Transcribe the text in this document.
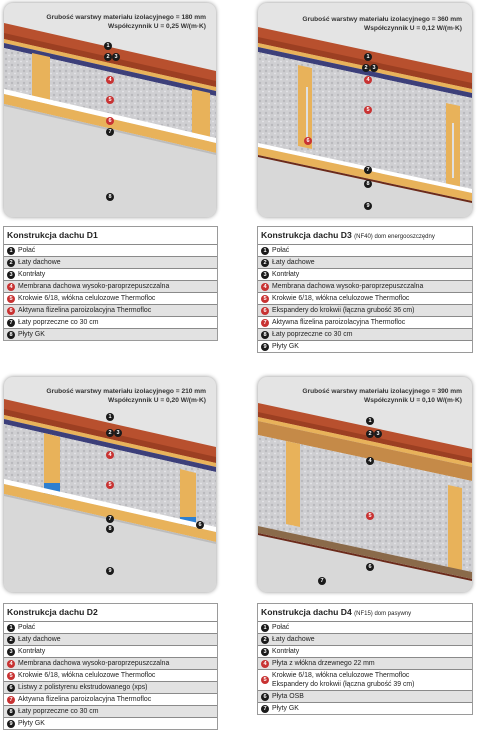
Grubość warstwy materiału izolacyjnego = 180 mm
Współczynnik U = 0,25 W/(m·K)
1
2 3
4
5
6
7
8
Konstrukcja dachu D1
1 Połać
2 Łaty dachowe
3 Kontrłaty
4 Membrana dachowa wysoko-paroprzepuszczalna
5 Krokwie 6/18, włókna celulozowe Thermofloc
6 Aktywna flizelina paroizolacyjna Thermofloc
7 Łaty poprzeczne co 30 cm
8 Płyty GK
Grubość warstwy materiału izolacyjnego = 360 mm
Współczynnik U = 0,12 W/(m·K)
1
2 3
4
5
6
7
8
9
Konstrukcja dachu D3 (NF40) dom energooszczędny
1 Połać
2 Łaty dachowe
3 Kontrłaty
4 Membrana dachowa wysoko-paroprzepuszczalna
5 Krokwie 6/18, włókna celulozowe Thermofloc
6 Ekspandery do krokwii (łączna grubość 36 cm)
7 Aktywna flizelina paroizolacyjna Thermofloc
8 Łaty poprzeczne co 30 cm
9 Płyty GK
Grubość warstwy materiału izolacyjnego = 210 mm
Współczynnik U = 0,20 W/(m·K)
1
2 3
4
5
6
7
8
9
Konstrukcja dachu D2
1 Połać
2 Łaty dachowe
3 Kontrłaty
4 Membrana dachowa wysoko-paroprzepuszczalna
5 Krokwie 6/18, włókna celulozowe Thermofloc
6 Listwy z polistyrenu ekstrudowanego (xps)
7 Aktywna flizelina paroizolacyjna Thermofloc
8 Łaty poprzeczne co 30 cm
9 Płyty GK
Grubość warstwy materiału izolacyjnego = 390 mm
Współczynnik U = 0,10 W/(m·K)
1
2 3
4
5
6
7
Konstrukcja dachu D4 (NF15) dom pasywny
1 Połać
2 Łaty dachowe
3 Kontrłaty
4 Płyta z włókna drzewnego 22 mm
5
Krokwie 6/18, włókna celulozowe Thermofloc
Ekspandery do krokwii (łączna grubość 39 cm)
6 Płyta OSB
7 Płyty GK
